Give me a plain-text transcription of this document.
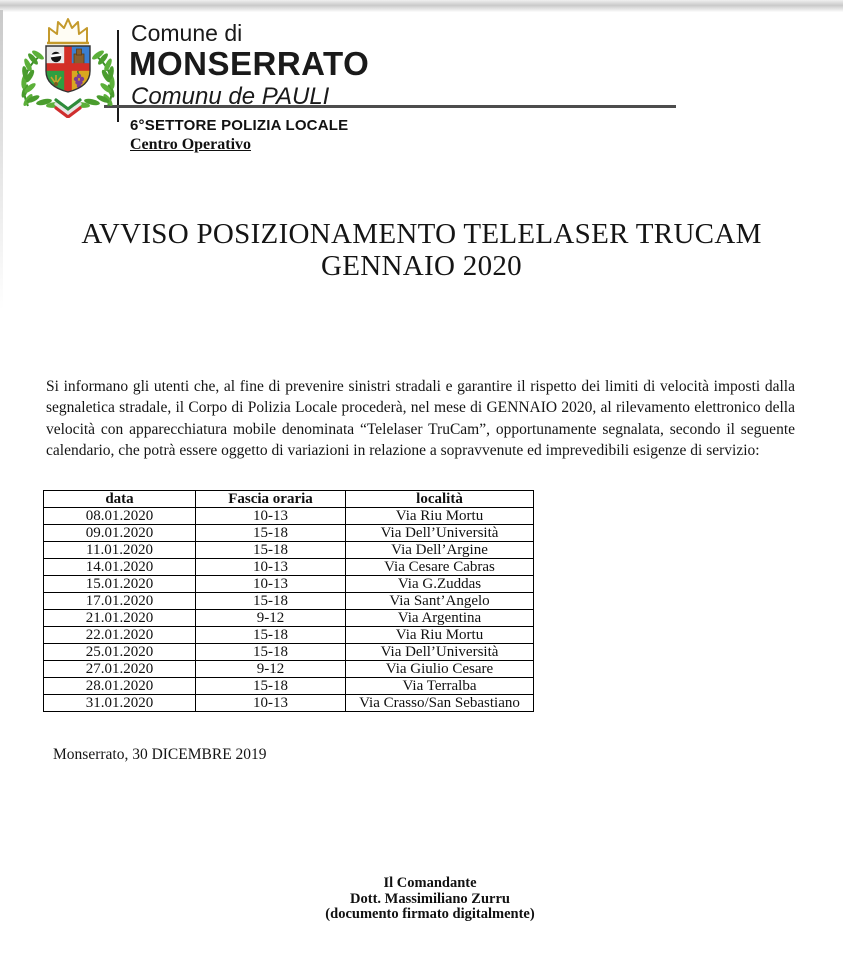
Comune di
MONSERRATO
Comunu de PAULI
6°SETTORE POLIZIA LOCALE
Centro Operativo
AVVISO POSIZIONAMENTO TELELASER TRUCAM
GENNAIO 2020

Si informano gli utenti che, al fine di prevenire sinistri stradali e garantire il rispetto dei limiti di velocità imposti dalla segnaletica stradale, il Corpo di Polizia Locale procederà, nel mese di GENNAIO 2020, al rilevamento elettronico della velocità con apparecchiatura mobile denominata “Telelaser TruCam”, opportunamente segnalata, secondo il seguente calendario, che potrà essere oggetto di variazioni in relazione a sopravvenute ed imprevedibili esigenze di servizio:

data	Fascia oraria	località
08.01.2020	10-13	Via Riu Mortu
09.01.2020	15-18	Via Dell’Università
11.01.2020	15-18	Via Dell’Argine
14.01.2020	10-13	Via Cesare Cabras
15.01.2020	10-13	Via G.Zuddas
17.01.2020	15-18	Via Sant’Angelo
21.01.2020	9-12	Via Argentina
22.01.2020	15-18	Via Riu Mortu
25.01.2020	15-18	Via Dell’Università
27.01.2020	9-12	Via Giulio Cesare
28.01.2020	15-18	Via Terralba
31.01.2020	10-13	Via Crasso/San Sebastiano
Monserrato, 30 DICEMBRE 2019
Il Comandante
Dott. Massimiliano Zurru
(documento firmato digitalmente)
